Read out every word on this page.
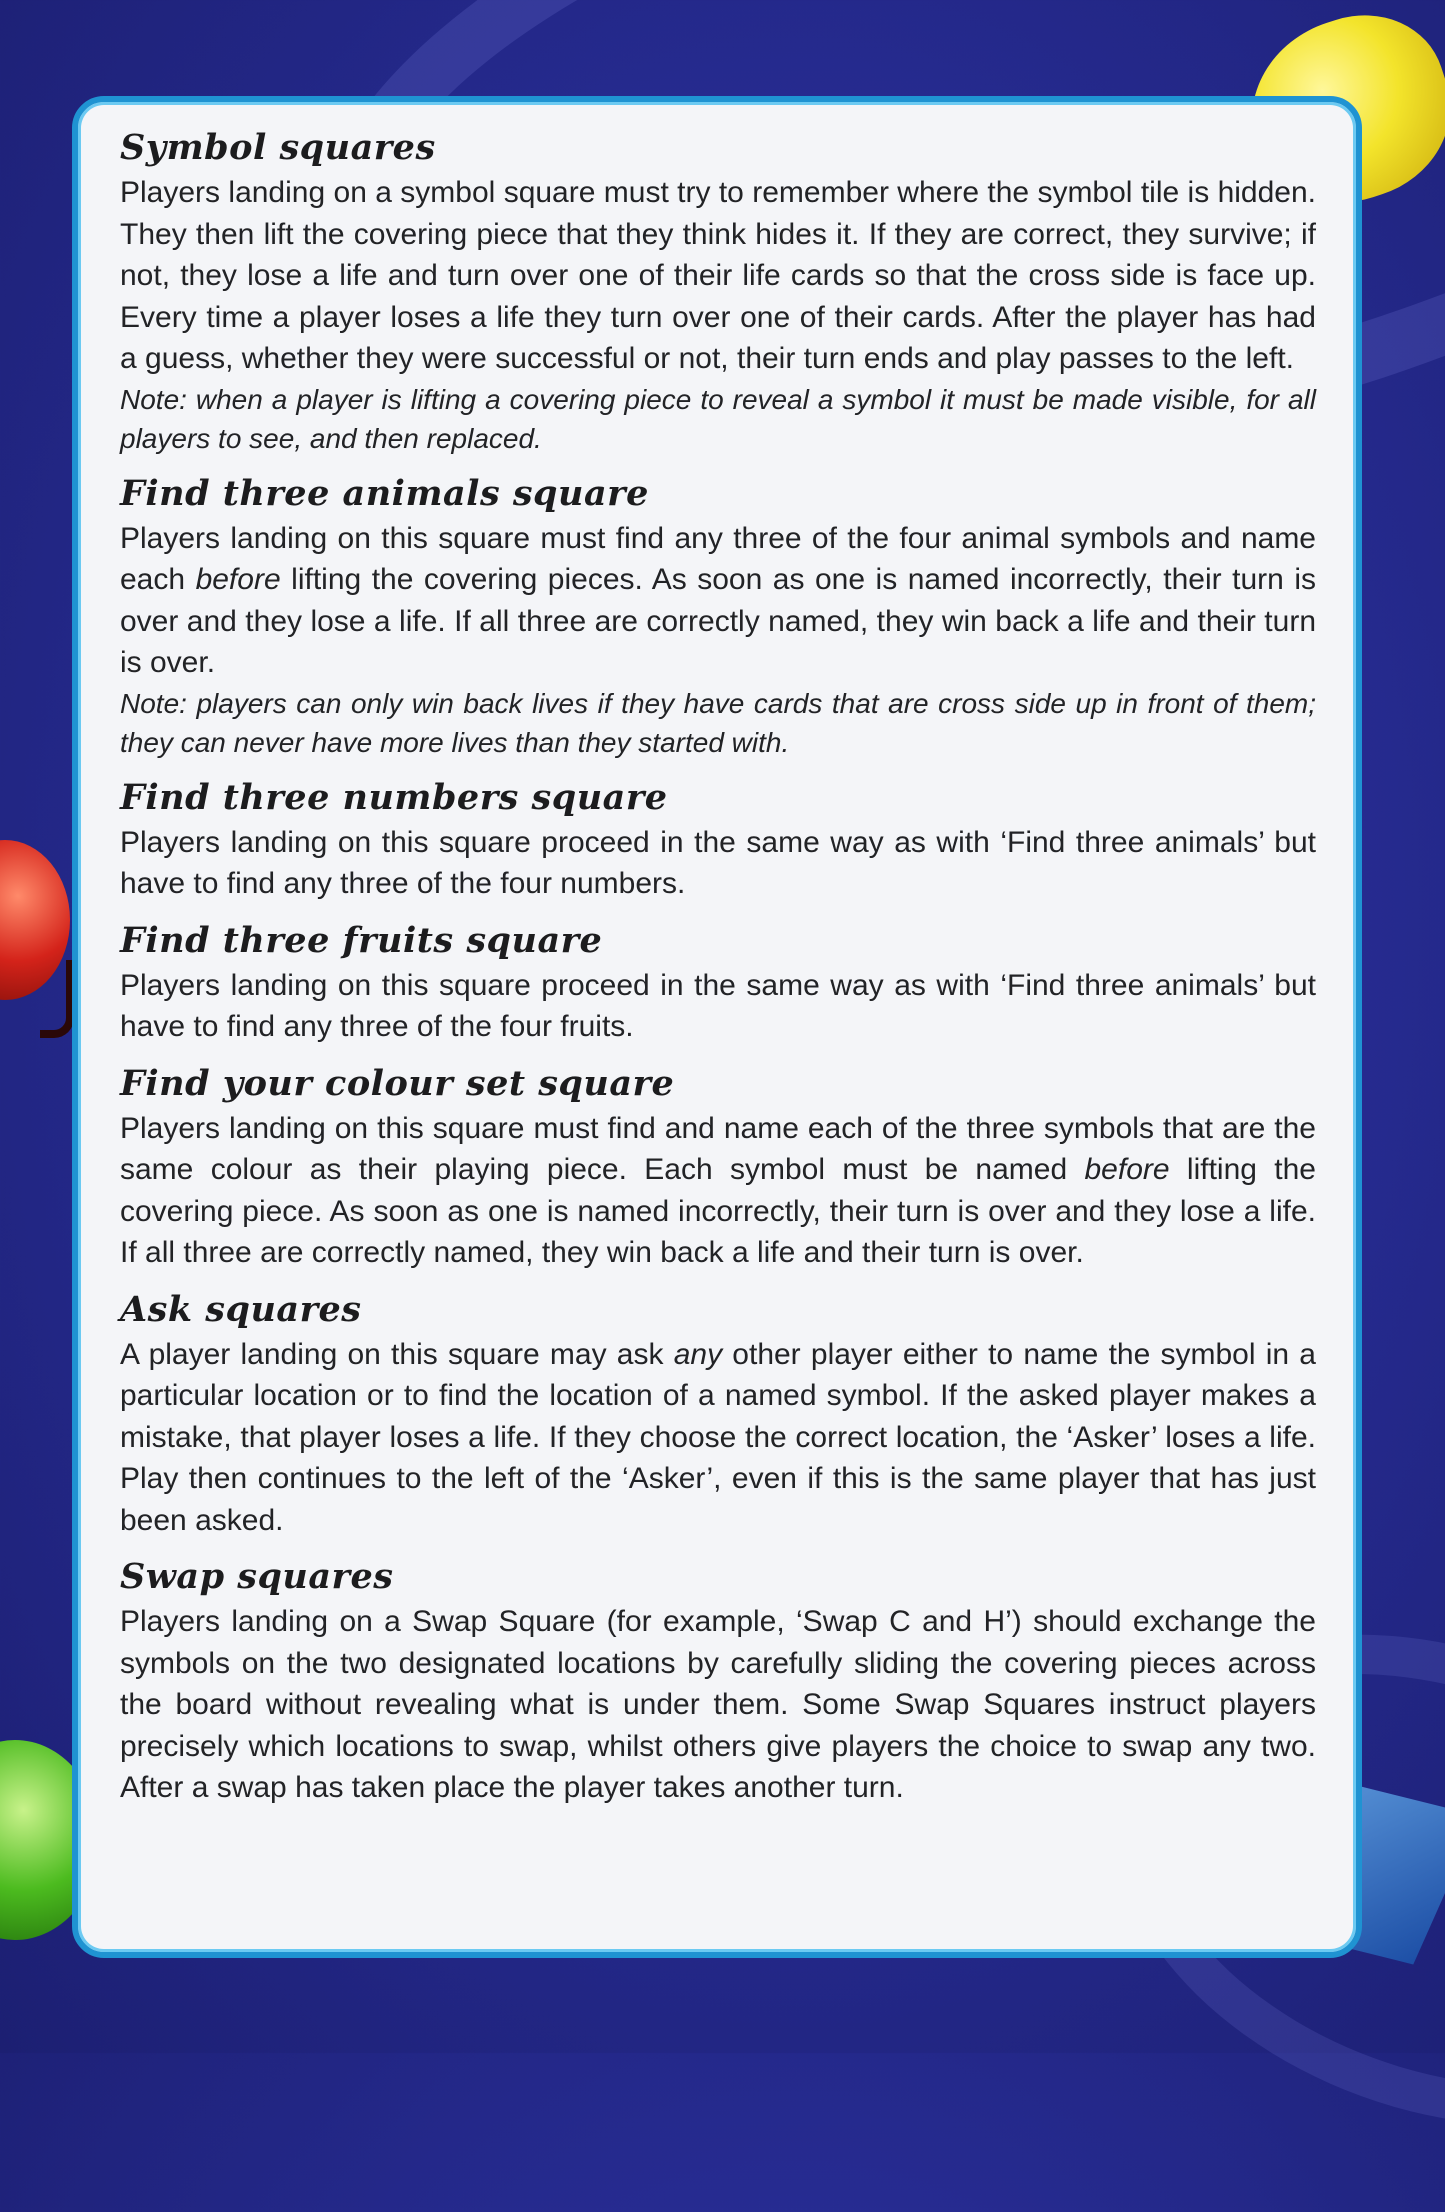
Symbol squares

Players landing on a symbol square must try to remember where the symbol tile is hidden. They then lift the covering piece that they think hides it. If they are correct, they survive; if not, they lose a life and turn over one of their life cards so that the cross side is face up. Every time a player loses a life they turn over one of their cards. After the player has had a guess, whether they were successful or not, their turn ends and play passes to the left.

Note: when a player is lifting a covering piece to reveal a symbol it must be made visible, for all players to see, and then replaced.

Find three animals square

Players landing on this square must find any three of the four animal symbols and name each before lifting the covering pieces. As soon as one is named incorrectly, their turn is over and they lose a life. If all three are correctly named, they win back a life and their turn is over.

Note: players can only win back lives if they have cards that are cross side up in front of them; they can never have more lives than they started with.

Find three numbers square

Players landing on this square proceed in the same way as with ‘Find three animals’ but have to find any three of the four numbers.

Find three fruits square

Players landing on this square proceed in the same way as with ‘Find three animals’ but have to find any three of the four fruits.

Find your colour set square

Players landing on this square must find and name each of the three symbols that are the same colour as their playing piece. Each symbol must be named before lifting the covering piece. As soon as one is named incorrectly, their turn is over and they lose a life. If all three are correctly named, they win back a life and their turn is over.

Ask squares

A player landing on this square may ask any other player either to name the symbol in a particular location or to find the location of a named symbol. If the asked player makes a mistake, that player loses a life. If they choose the correct location, the ‘Asker’ loses a life. Play then continues to the left of the ‘Asker’, even if this is the same player that has just been asked.

Swap squares

Players landing on a Swap Square (for example, ‘Swap C and H’) should exchange the symbols on the two designated locations by carefully sliding the covering pieces across the board without revealing what is under them. Some Swap Squares instruct players precisely which locations to swap, whilst others give players the choice to swap any two. After a swap has taken place the player takes another turn.
